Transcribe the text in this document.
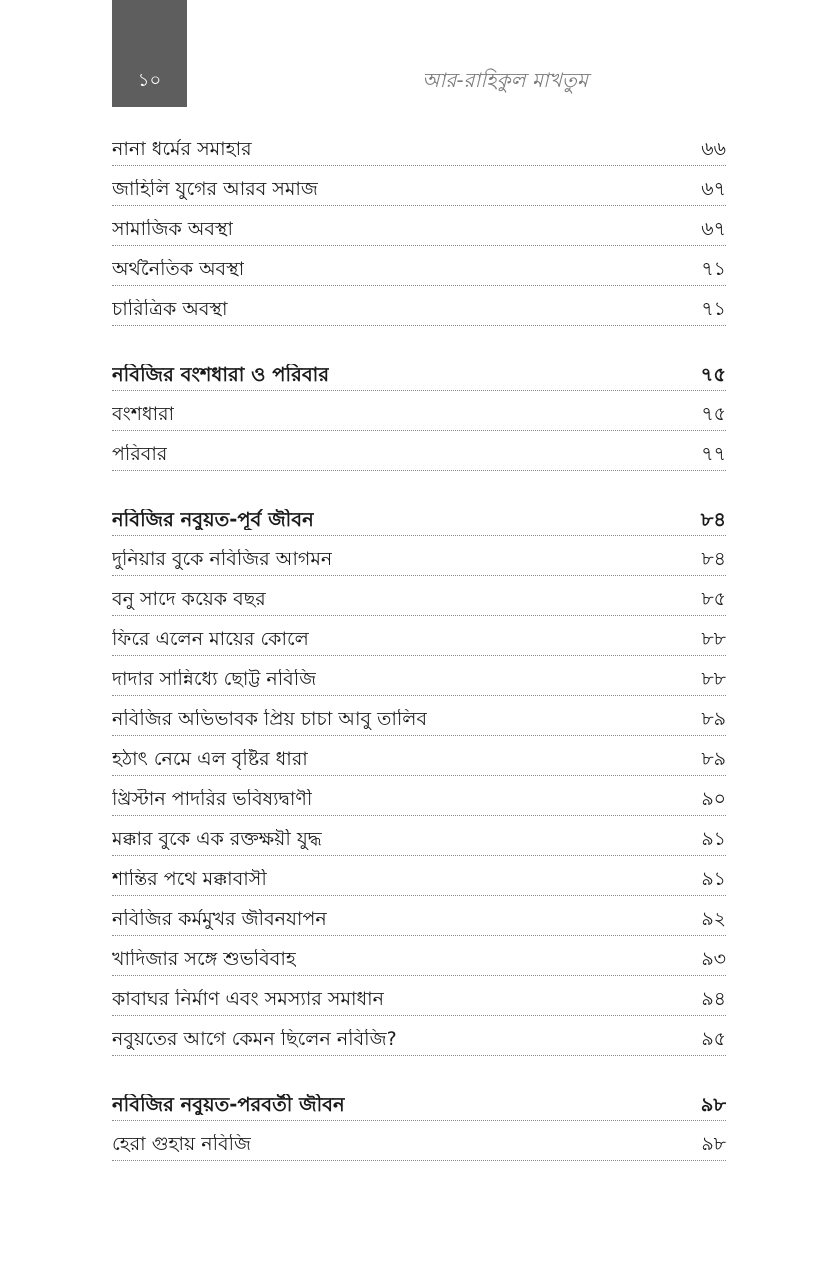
১০	আর-রাহিকুল মাখতুম
নানা ধর্মের সমাহার	৬৬
জাহিলি যুগের আরব সমাজ	৬৭
সামাজিক অবস্থা	৬৭
অর্থনৈতিক অবস্থা	৭১
চারিত্রিক অবস্থা	৭১
নবিজির বংশধারা ও পরিবার	৭৫
বংশধারা	৭৫
পরিবার	৭৭
নবিজির নবুয়ত-পূর্ব জীবন	৮৪
দুনিয়ার বুকে নবিজির আগমন	৮৪
বনু সাদে কয়েক বছর	৮৫
ফিরে এলেন মায়ের কোলে	৮৮
দাদার সান্নিধ্যে ছোট্ট নবিজি	৮৮
নবিজির অভিভাবক প্রিয় চাচা আবু তালিব	৮৯
হঠাৎ নেমে এল বৃষ্টির ধারা	৮৯
খ্রিস্টান পাদরির ভবিষ্যদ্বাণী	৯০
মক্কার বুকে এক রক্তক্ষয়ী যুদ্ধ	৯১
শান্তির পথে মক্কাবাসী	৯১
নবিজির কর্মমুখর জীবনযাপন	৯২
খাদিজার সঙ্গে শুভবিবাহ	৯৩
কাবাঘর নির্মাণ এবং সমস্যার সমাধান	৯৪
নবুয়তের আগে কেমন ছিলেন নবিজি?	৯৫
নবিজির নবুয়ত-পরবর্তী জীবন	৯৮
হেরা গুহায় নবিজি	৯৮
